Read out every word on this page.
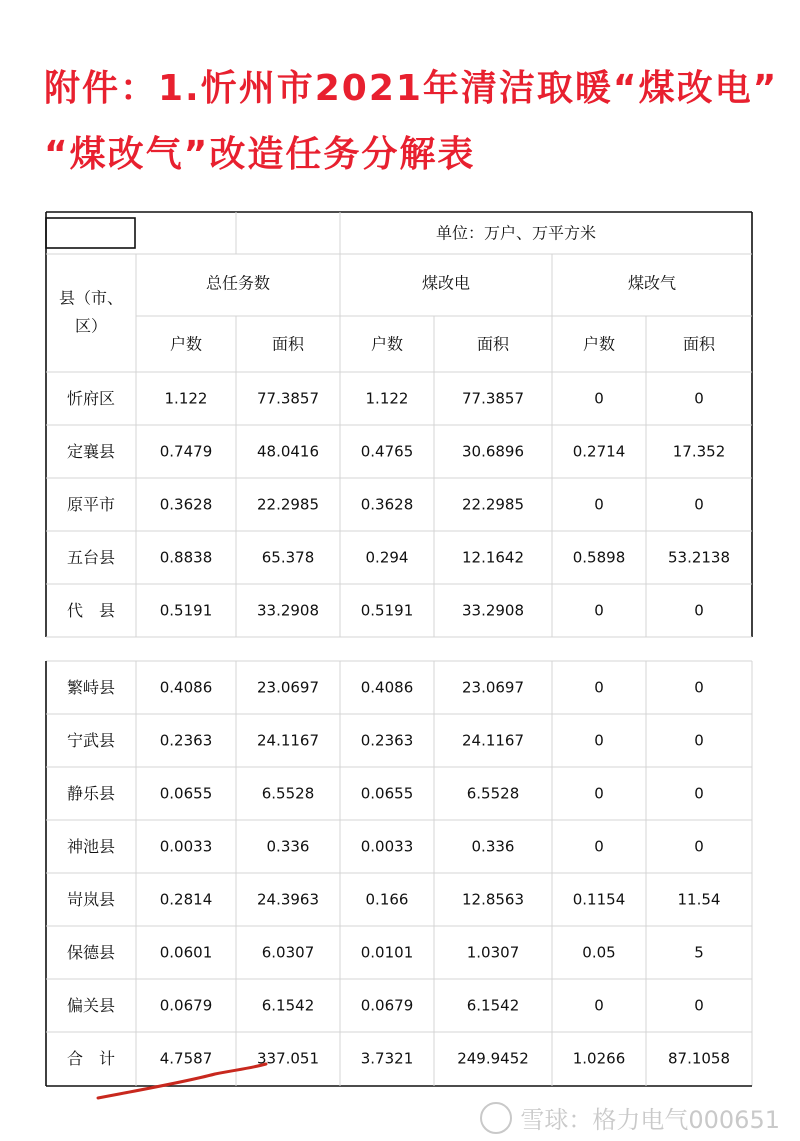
附件：1.忻州市2021年清洁取暖“煤改电”
“煤改气”改造任务分解表
单位：万户、万平方米
县（市、
区）
总任务数	煤改电	煤改气
户数	面积	户数	面积	户数	面积
忻府区	1.122	77.3857	1.122	77.3857	0	0
定襄县	0.7479	48.0416	0.4765	30.6896	0.2714	17.352
原平市	0.3628	22.2985	0.3628	22.2985	0	0
五台县	0.8838	65.378	0.294	12.1642	0.5898	53.2138
代　县	0.5191	33.2908	0.5191	33.2908	0	0
繁峙县	0.4086	23.0697	0.4086	23.0697	0	0
宁武县	0.2363	24.1167	0.2363	24.1167	0	0
静乐县	0.0655	6.5528	0.0655	6.5528	0	0
神池县	0.0033	0.336	0.0033	0.336	0	0
岢岚县	0.2814	24.3963	0.166	12.8563	0.1154	11.54
保德县	0.0601	6.0307	0.0101	1.0307	0.05	5
偏关县	0.0679	6.1542	0.0679	6.1542	0	0
合　计	4.7587	337.051	3.7321	249.9452	1.0266	87.1058
雪球：格力电气000651
